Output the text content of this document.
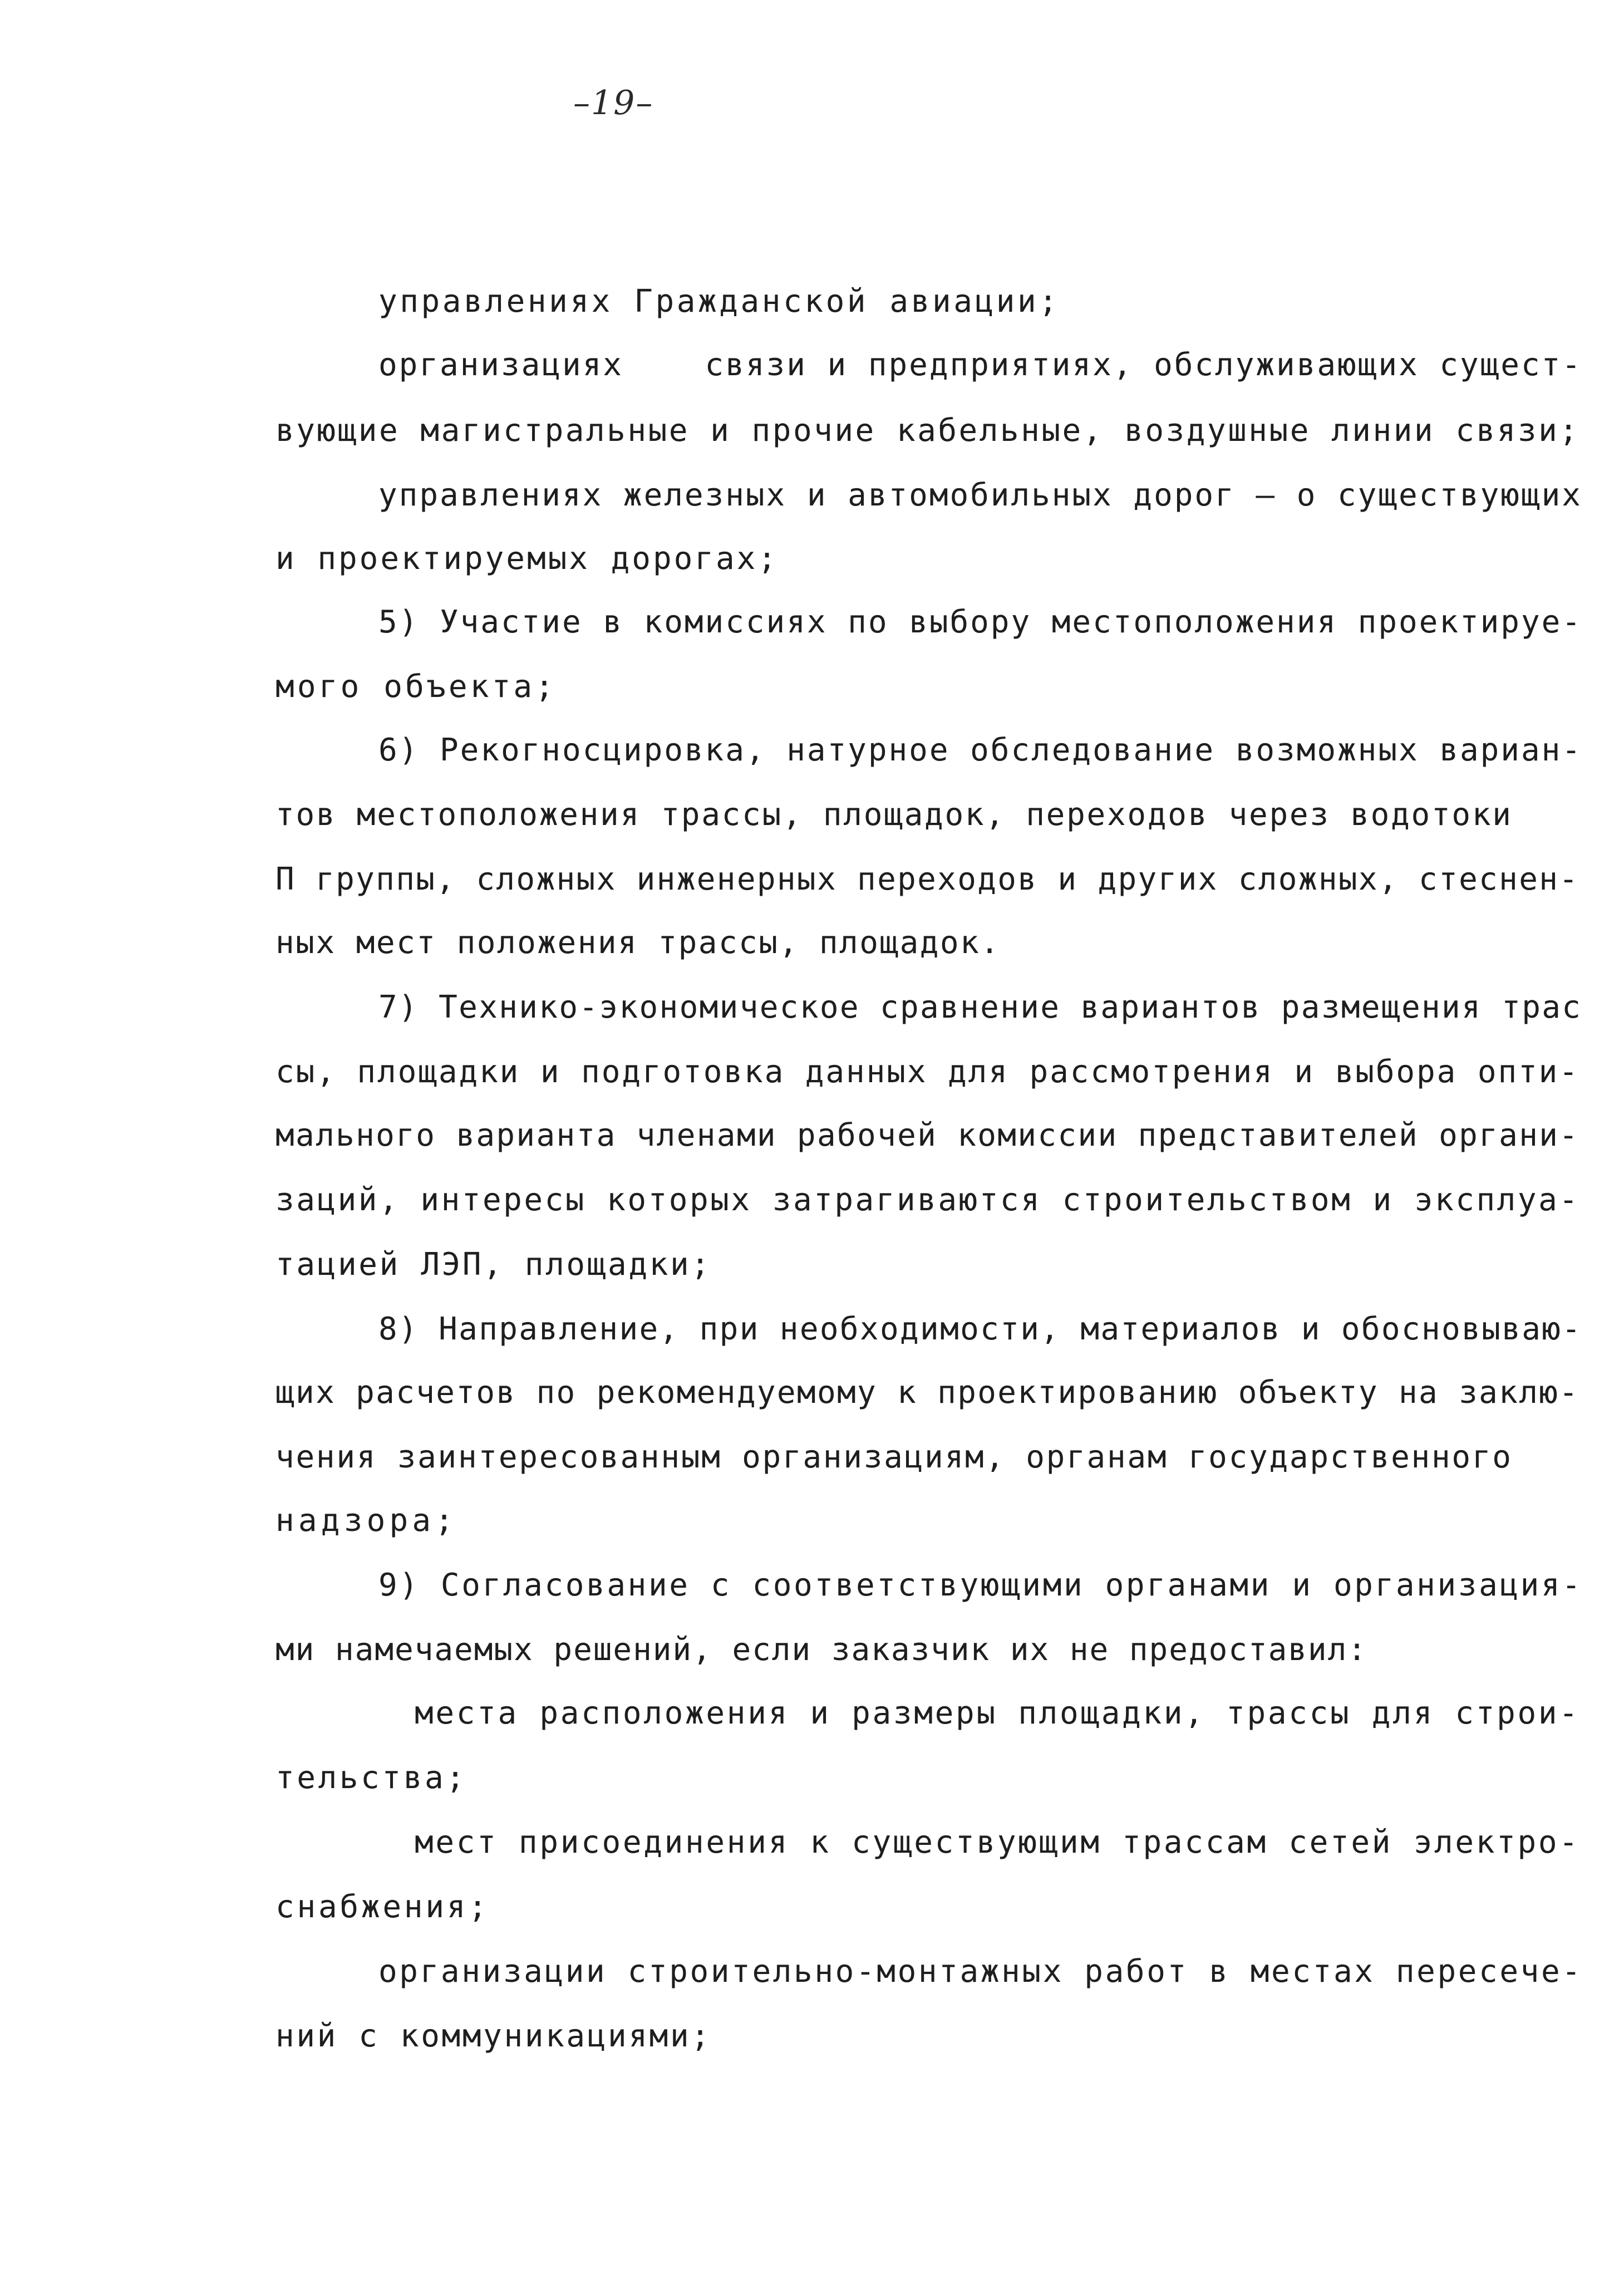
–19–
управлениях Гражданской авиации;
организациях    связи и предприятиях, обслуживающих сущест-
вующие магистральные и прочие кабельные, воздушные линии связи;
управлениях железных и автомобильных дорог – о существующих
и проектируемых дорогах;
5) Участие в комиссиях по выбору местоположения проектируе-
мого объекта;
6) Рекогносцировка, натурное обследование возможных вариан-
тов местоположения трассы, площадок, переходов через водотоки
П группы, сложных инженерных переходов и других сложных, стеснен-
ных мест положения трассы, площадок.
7) Технико-экономическое сравнение вариантов размещения трас
сы, площадки и подготовка данных для рассмотрения и выбора опти-
мального варианта членами рабочей комиссии представителей органи-
заций, интересы которых затрагиваются строительством и эксплуа-
тацией ЛЭП, площадки;
8) Направление, при необходимости, материалов и обосновываю-
щих расчетов по рекомендуемому к проектированию объекту на заклю-
чения заинтересованным организациям, органам государственного
надзора;
9) Согласование с соответствующими органами и организация-
ми намечаемых решений, если заказчик их не предоставил:
места расположения и размеры площадки, трассы для строи-
тельства;
мест присоединения к существующим трассам сетей электро-
снабжения;
организации строительно-монтажных работ в местах пересече-
ний с коммуникациями;
